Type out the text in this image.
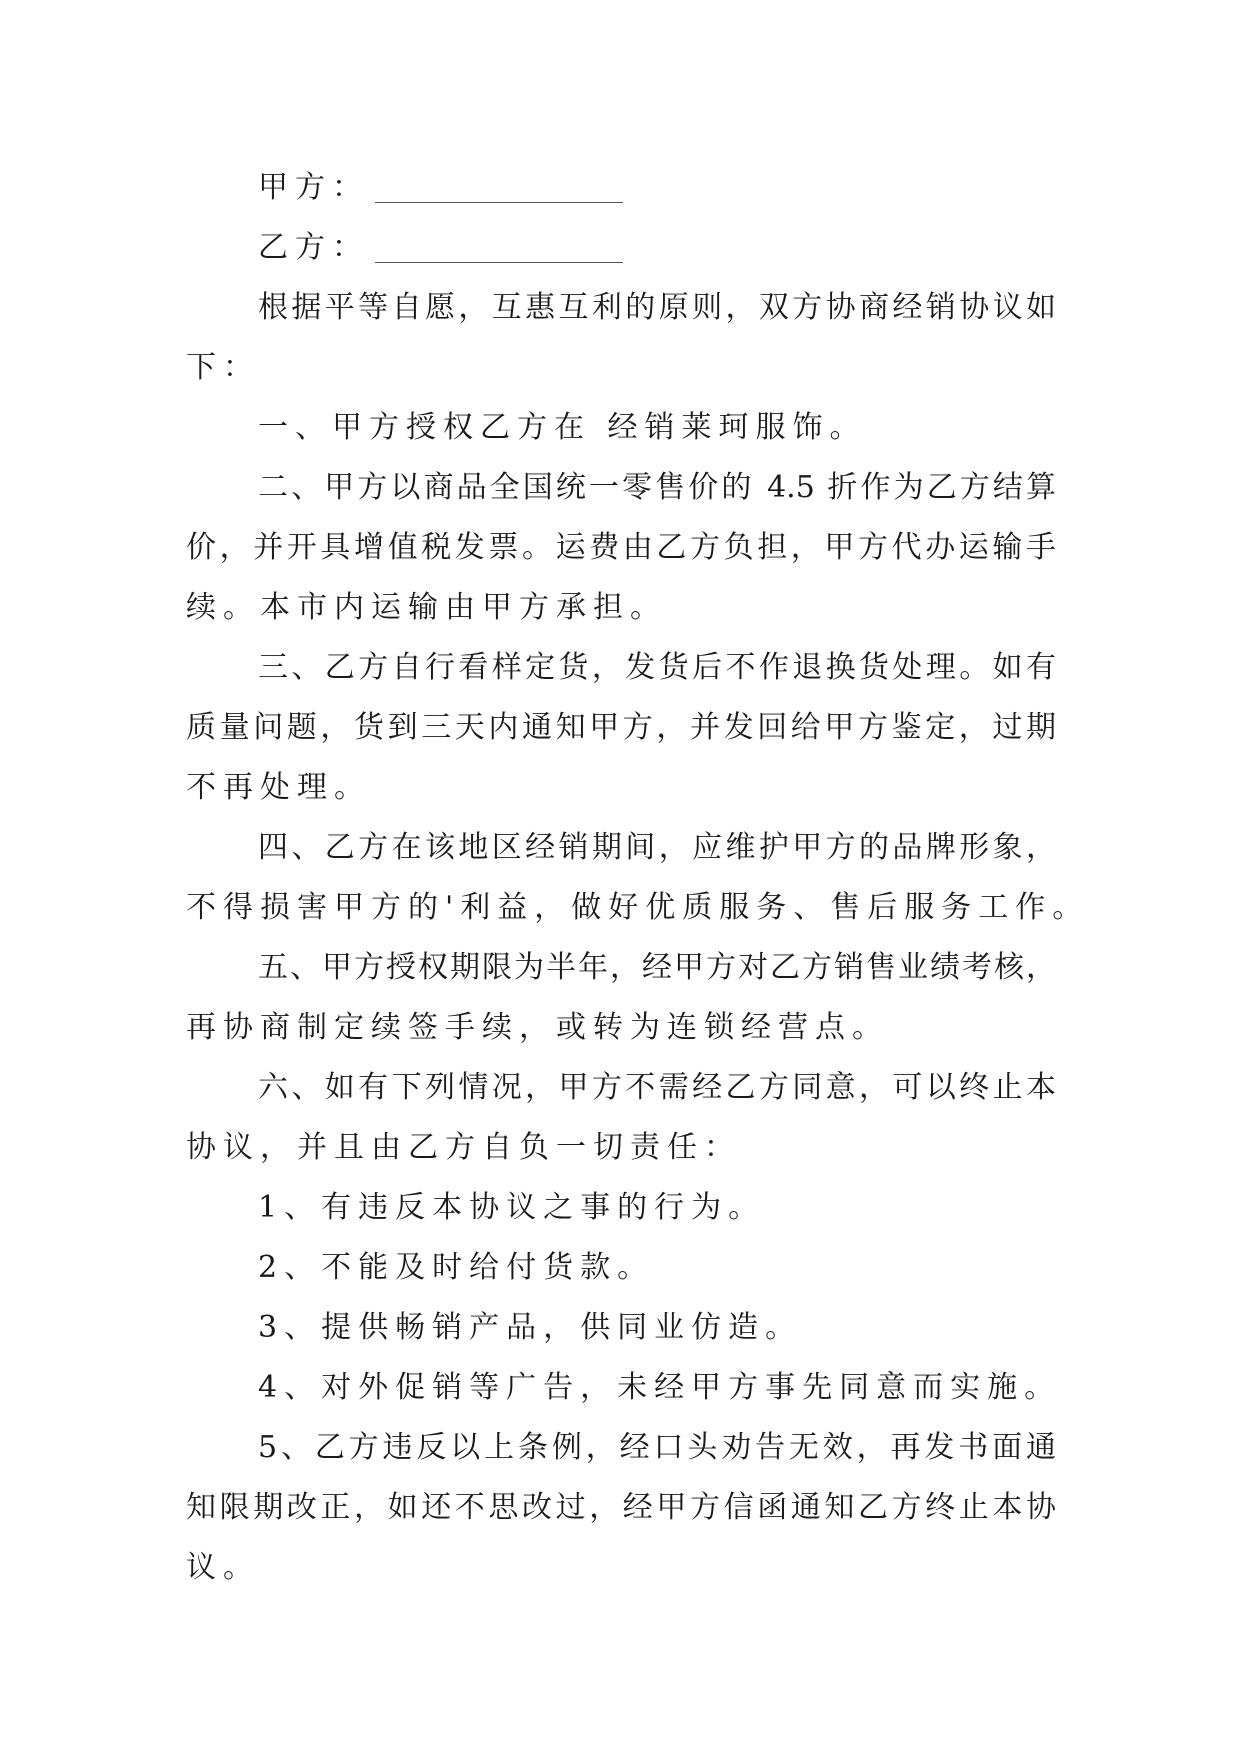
甲方：
乙方：
根据平等自愿，互惠互利的原则，双方协商经销协议如
下：
一、甲方授权乙方在 经销莱珂服饰。
二、甲方以商品全国统一零售价的 4.5 折作为乙方结算
价，并开具增值税发票。运费由乙方负担，甲方代办运输手
续。本市内运输由甲方承担。
三、乙方自行看样定货，发货后不作退换货处理。如有
质量问题，货到三天内通知甲方，并发回给甲方鉴定，过期
不再处理。
四、乙方在该地区经销期间，应维护甲方的品牌形象，
不得损害甲方的'利益，做好优质服务、售后服务工作。
五、甲方授权期限为半年，经甲方对乙方销售业绩考核，
再协商制定续签手续，或转为连锁经营点。
六、如有下列情况，甲方不需经乙方同意，可以终止本
协议，并且由乙方自负一切责任：
1、有违反本协议之事的行为。
2、不能及时给付货款。
3、提供畅销产品，供同业仿造。
4、对外促销等广告，未经甲方事先同意而实施。
5、乙方违反以上条例，经口头劝告无效，再发书面通
知限期改正，如还不思改过，经甲方信函通知乙方终止本协
议。
